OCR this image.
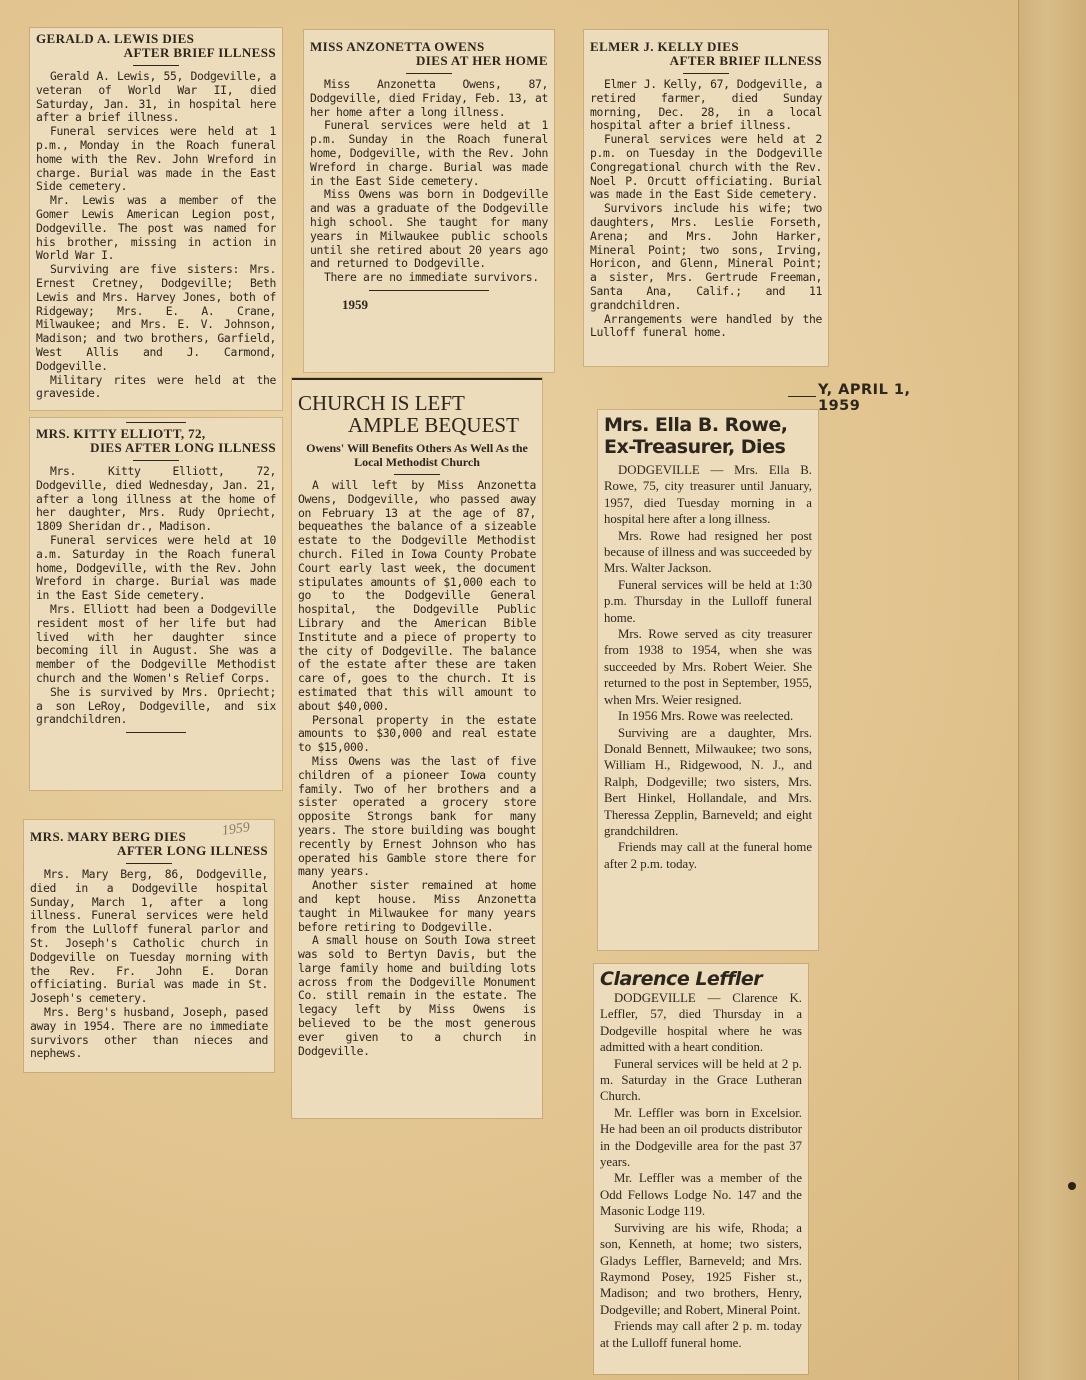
GERALD A. LEWIS DIES
AFTER BRIEF ILLNESS

Gerald A. Lewis, 55, Dodgeville, a veteran of World War II, died Saturday, Jan. 31, in hospital here after a brief illness.

Funeral services were held at 1 p.m., Monday in the Roach funeral home with the Rev. John Wreford in charge. Burial was made in the East Side cemetery.

Mr. Lewis was a member of the Gomer Lewis American Legion post, Dodgeville. The post was named for his brother, missing in action in World War I.

Surviving are five sisters: Mrs. Ernest Cretney, Dodgeville; Beth Lewis and Mrs. Harvey Jones, both of Ridgeway; Mrs. E. A. Crane, Milwaukee; and Mrs. E. V. Johnson, Madison; and two brothers, Garfield, West Allis and J. Carmond, Dodgeville.

Military rites were held at the graveside.

MRS. KITTY ELLIOTT, 72,
DIES AFTER LONG ILLNESS

Mrs. Kitty Elliott, 72, Dodgeville, died Wednesday, Jan. 21, after a long illness at the home of her daughter, Mrs. Rudy Opriecht, 1809 Sheridan dr., Madison.

Funeral services were held at 10 a.m. Saturday in the Roach funeral home, Dodgeville, with the Rev. John Wreford in charge. Burial was made in the East Side cemetery.

Mrs. Elliott had been a Dodgeville resident most of her life but had lived with her daughter since becoming ill in August. She was a member of the Dodgeville Methodist church and the Women's Relief Corps.

She is survived by Mrs. Opriecht; a son LeRoy, Dodgeville, and six grandchildren.

MRS. MARY BERG DIES
AFTER LONG ILLNESS

Mrs. Mary Berg, 86, Dodgeville, died in a Dodgeville hospital Sunday, March 1, after a long illness. Funeral services were held from the Lulloff funeral parlor and St. Joseph's Catholic church in Dodgeville on Tuesday morning with the Rev. Fr. John E. Doran officiating. Burial was made in St. Joseph's cemetery.

Mrs. Berg's husband, Joseph, pased away in 1954. There are no immediate survivors other than nieces and nephews.

1959
MISS ANZONETTA OWENS
DIES AT HER HOME

Miss Anzonetta Owens, 87, Dodgeville, died Friday, Feb. 13, at her home after a long illness.

Funeral services were held at 1 p.m. Sunday in the Roach funeral home, Dodgeville, with the Rev. John Wreford in charge. Burial was made in the East Side cemetery.

Miss Owens was born in Dodgeville and was a graduate of the Dodgeville high school. She taught for many years in Milwaukee public schools until she retired about 20 years ago and returned to Dodgeville.

There are no immediate survivors.

1959
CHURCH IS LEFT
AMPLE BEQUEST
Owens' Will Benefits Others As Well As the Local Methodist Church

A will left by Miss Anzonetta Owens, Dodgeville, who passed away on February 13 at the age of 87, bequeathes the balance of a sizeable estate to the Dodgeville Methodist church. Filed in Iowa County Probate Court early last week, the document stipulates amounts of $1,000 each to go to the Dodgeville General hospital, the Dodgeville Public Library and the American Bible Institute and a piece of property to the city of Dodgeville. The balance of the estate after these are taken care of, goes to the church. It is estimated that this will amount to about $40,000.

Personal property in the estate amounts to $30,000 and real estate to $15,000.

Miss Owens was the last of five children of a pioneer Iowa county family. Two of her brothers and a sister operated a grocery store opposite Strongs bank for many years. The store building was bought recently by Ernest Johnson who has operated his Gamble store there for many years.

Another sister remained at home and kept house. Miss Anzonetta taught in Milwaukee for many years before retiring to Dodgeville.

A small house on South Iowa street was sold to Bertyn Davis, but the large family home and building lots across from the Dodgeville Monument Co. still remain in the estate. The legacy left by Miss Owens is believed to be the most generous ever given to a church in Dodgeville.

ELMER J. KELLY DIES
AFTER BRIEF ILLNESS

Elmer J. Kelly, 67, Dodgeville, a retired farmer, died Sunday morning, Dec. 28, in a local hospital after a brief illness.

Funeral services were held at 2 p.m. on Tuesday in the Dodgeville Congregational church with the Rev. Noel P. Orcutt officiating. Burial was made in the East Side cemetery.

Survivors include his wife; two daughters, Mrs. Leslie Forseth, Arena; and Mrs. John Harker, Mineral Point; two sons, Irving, Horicon, and Glenn, Mineral Point; a sister, Mrs. Gertrude Freeman, Santa Ana, Calif.; and 11 grandchildren.

Arrangements were handled by the Lulloff funeral home.

Y, APRIL 1, 1959
Mrs. Ella B. Rowe,
Ex-Treasurer, Dies

DODGEVILLE — Mrs. Ella B. Rowe, 75, city treasurer until January, 1957, died Tuesday morning in a hospital here after a long illness.

Mrs. Rowe had resigned her post because of illness and was succeeded by Mrs. Walter Jackson.

Funeral services will be held at 1:30 p.m. Thursday in the Lulloff funeral home.

Mrs. Rowe served as city treasurer from 1938 to 1954, when she was succeeded by Mrs. Robert Weier. She returned to the post in September, 1955, when Mrs. Weier resigned.

In 1956 Mrs. Rowe was reelected.

Surviving are a daughter, Mrs. Donald Bennett, Milwaukee; two sons, William H., Ridgewood, N. J., and Ralph, Dodgeville; two sisters, Mrs. Bert Hinkel, Hollandale, and Mrs. Theressa Zepplin, Barneveld; and eight grandchildren.

Friends may call at the funeral home after 2 p.m. today.

Clarence Leffler

DODGEVILLE — Clarence K. Leffler, 57, died Thursday in a Dodgeville hospital where he was admitted with a heart condition.

Funeral services will be held at 2 p. m. Saturday in the Grace Lutheran Church.

Mr. Leffler was born in Excelsior. He had been an oil products distributor in the Dodgeville area for the past 37 years.

Mr. Leffler was a member of the Odd Fellows Lodge No. 147 and the Masonic Lodge 119.

Surviving are his wife, Rhoda; a son, Kenneth, at home; two sisters, Gladys Leffler, Barneveld; and Mrs. Raymond Posey, 1925 Fisher st., Madison; and two brothers, Henry, Dodgeville; and Robert, Mineral Point.

Friends may call after 2 p. m. today at the Lulloff funeral home.
